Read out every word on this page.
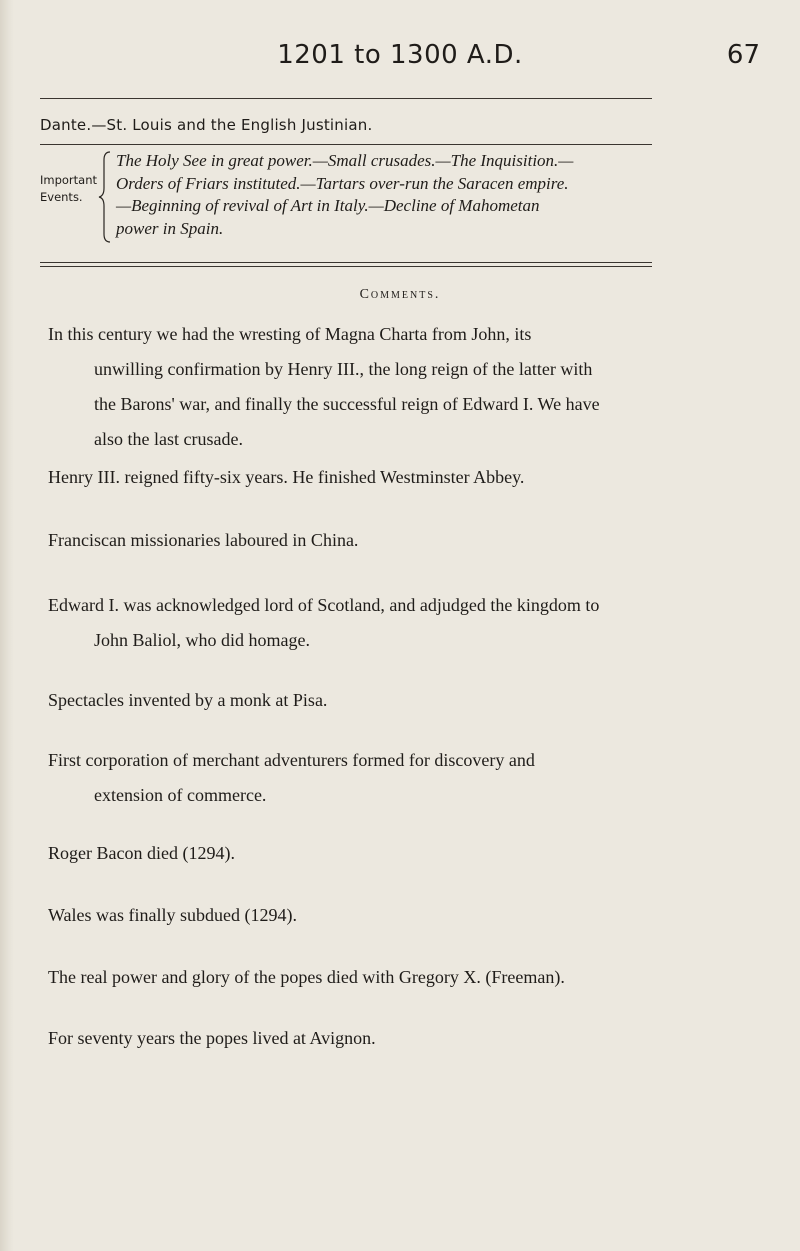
1201 to 1300 A.D.	67
Dante.—St. Louis and the English Justinian.
Important
Events.
The Holy See in great power.—Small crusades.—The Inquisition.—
Orders of Friars instituted.—Tartars over-run the Saracen empire.
—Beginning of revival of Art in Italy.—Decline of Mahometan
power in Spain.
Comments.
In this century we had the wresting of Magna Charta from John, its
unwilling confirmation by Henry III., the long reign of the latter with
the Barons' war, and finally the successful reign of Edward I. We have
also the last crusade.
Henry III. reigned fifty-six years. He finished Westminster Abbey.
Franciscan missionaries laboured in China.
Edward I. was acknowledged lord of Scotland, and adjudged the kingdom to
John Baliol, who did homage.
Spectacles invented by a monk at Pisa.
First corporation of merchant adventurers formed for discovery and
extension of commerce.
Roger Bacon died (1294).
Wales was finally subdued (1294).
The real power and glory of the popes died with Gregory X. (Freeman).
For seventy years the popes lived at Avignon.
